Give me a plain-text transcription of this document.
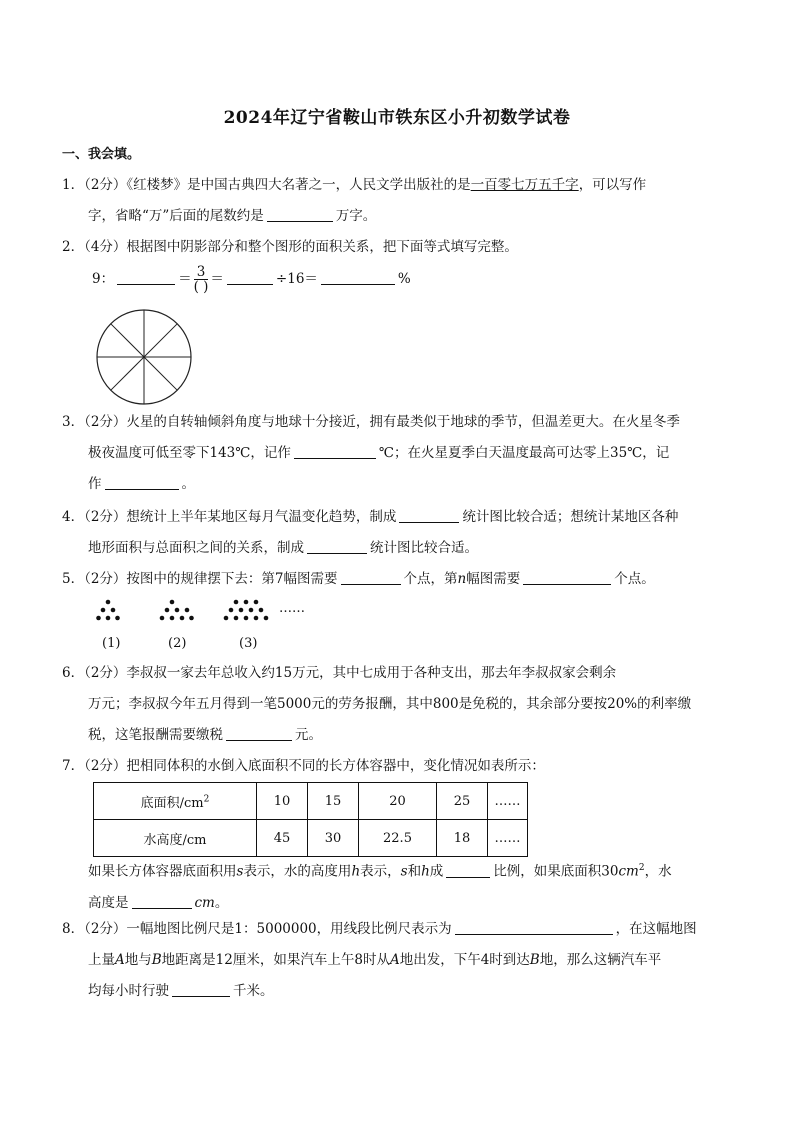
2024年辽宁省鞍山市铁东区小升初数学试卷
一、我会填。
1．（2分）《红楼梦》是中国古典四大名著之一，人民文学出版社的是一百零七万五千字，可以写作
字，省略“万”后面的尾数约是	万字。
2．（4分）根据图中阴影部分和整个图形的面积关系，把下面等式填写完整。
9：	＝ $\frac{3}{( )}$ ＝	÷16＝	%
3．（2分）火星的自转轴倾斜角度与地球十分接近，拥有最类似于地球的季节，但温差更大。在火星冬季
极夜温度可低至零下143℃，记作	℃；在火星夏季白天温度最高可达零上35℃，记
作	。
4．（2分）想统计上半年某地区每月气温变化趋势，制成	统计图比较合适；想统计某地区各种
地形面积与总面积之间的关系，制成	统计图比较合适。
5．（2分）按图中的规律摆下去：第7幅图需要	个点，第n幅图需要	个点。
……
(1)	(2)	(3)
6．（2分）李叔叔一家去年总收入约15万元，其中七成用于各种支出，那去年李叔叔家会剩余
万元；李叔叔今年五月得到一笔5000元的劳务报酬，其中800是免税的，其余部分要按20%的利率缴
税，这笔报酬需要缴税	元。
7．（2分）把相同体积的水倒入底面积不同的长方体容器中，变化情况如表所示：
底面积$/cm^2$	10	15	20	25	……
水高度/cm	45	30	22.5	18	……
如果长方体容器底面积用s表示，水的高度用h表示，s和h成	比例，如果底面积$30cm^2$，水
高度是	cm。
8．（2分）一幅地图比例尺是1：5000000，用线段比例尺表示为	，在这幅地图
上量A地与B地距离是12厘米，如果汽车上午8时从A地出发，下午4时到达B地，那么这辆汽车平
均每小时行驶	千米。
